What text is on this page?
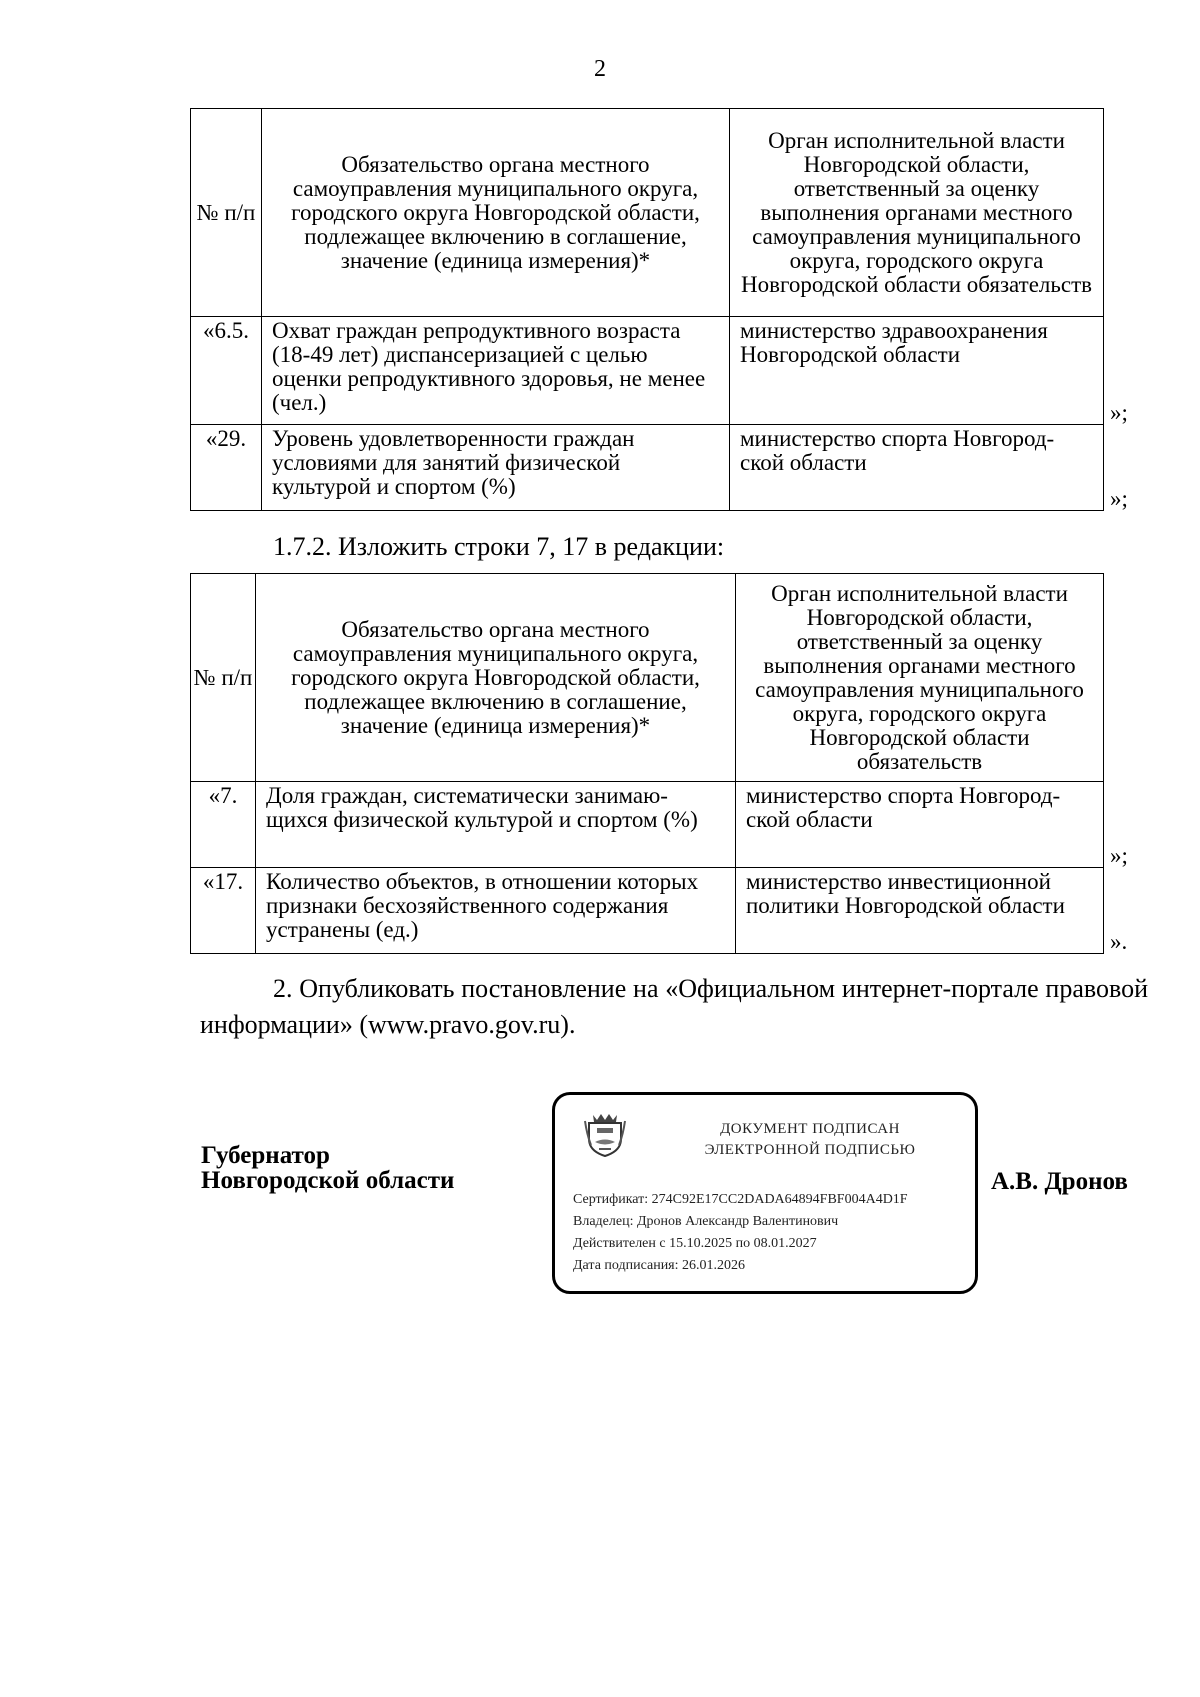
2
№ п/п	Обязательство органа местного самоуправления муниципального округа, городского округа Новгородской области, подлежащее включению в соглашение, значение (единица измерения)*	Орган исполнительной власти Новгородской области, ответственный за оценку выполнения органами местного самоуправления муниципального округа, городского округа Новгородской области обязательств	
«6.5.	Охват граждан репродуктивного возраста (18-49 лет) диспансеризацией с целью оценки репродуктивного здоровья, не менее (чел.)	министерство здравоохранения Новгородской области	»;
«29.	Уровень удовлетворенности граждан условиями для занятий физической культурой и спортом (%)	министерство спорта Новгород-ской области	»;
1.7.2. Изложить строки 7, 17 в редакции:
№ п/п	Обязательство органа местного самоуправления муниципального округа, городского округа Новгородской области, подлежащее включению в соглашение, значение (единица измерения)*	Орган исполнительной власти Новгородской области, ответственный за оценку выполнения органами местного самоуправления муниципального округа, городского округа Новгородской области обязательств	
«7.	Доля граждан, систематически занимаю-щихся физической культурой и спортом (%)	министерство спорта Новгород-ской области	»;
«17.	Количество объектов, в отношении которых признаки бесхозяйственного содержания устранены (ед.)	министерство инвестиционной политики Новгородской области	».
2. Опубликовать постановление на «Официальном интернет-портале правовой информации» (www.pravo.gov.ru).
Губернатор
Новгородской области
ДОКУМЕНТ ПОДПИСАН
ЭЛЕКТРОННОЙ ПОДПИСЬЮ
Сертификат: 274C92E17CC2DADA64894FBF004A4D1F
Владелец: Дронов Александр Валентинович
Действителен с 15.10.2025 по 08.01.2027
Дата подписания: 26.01.2026
А.В. Дронов
